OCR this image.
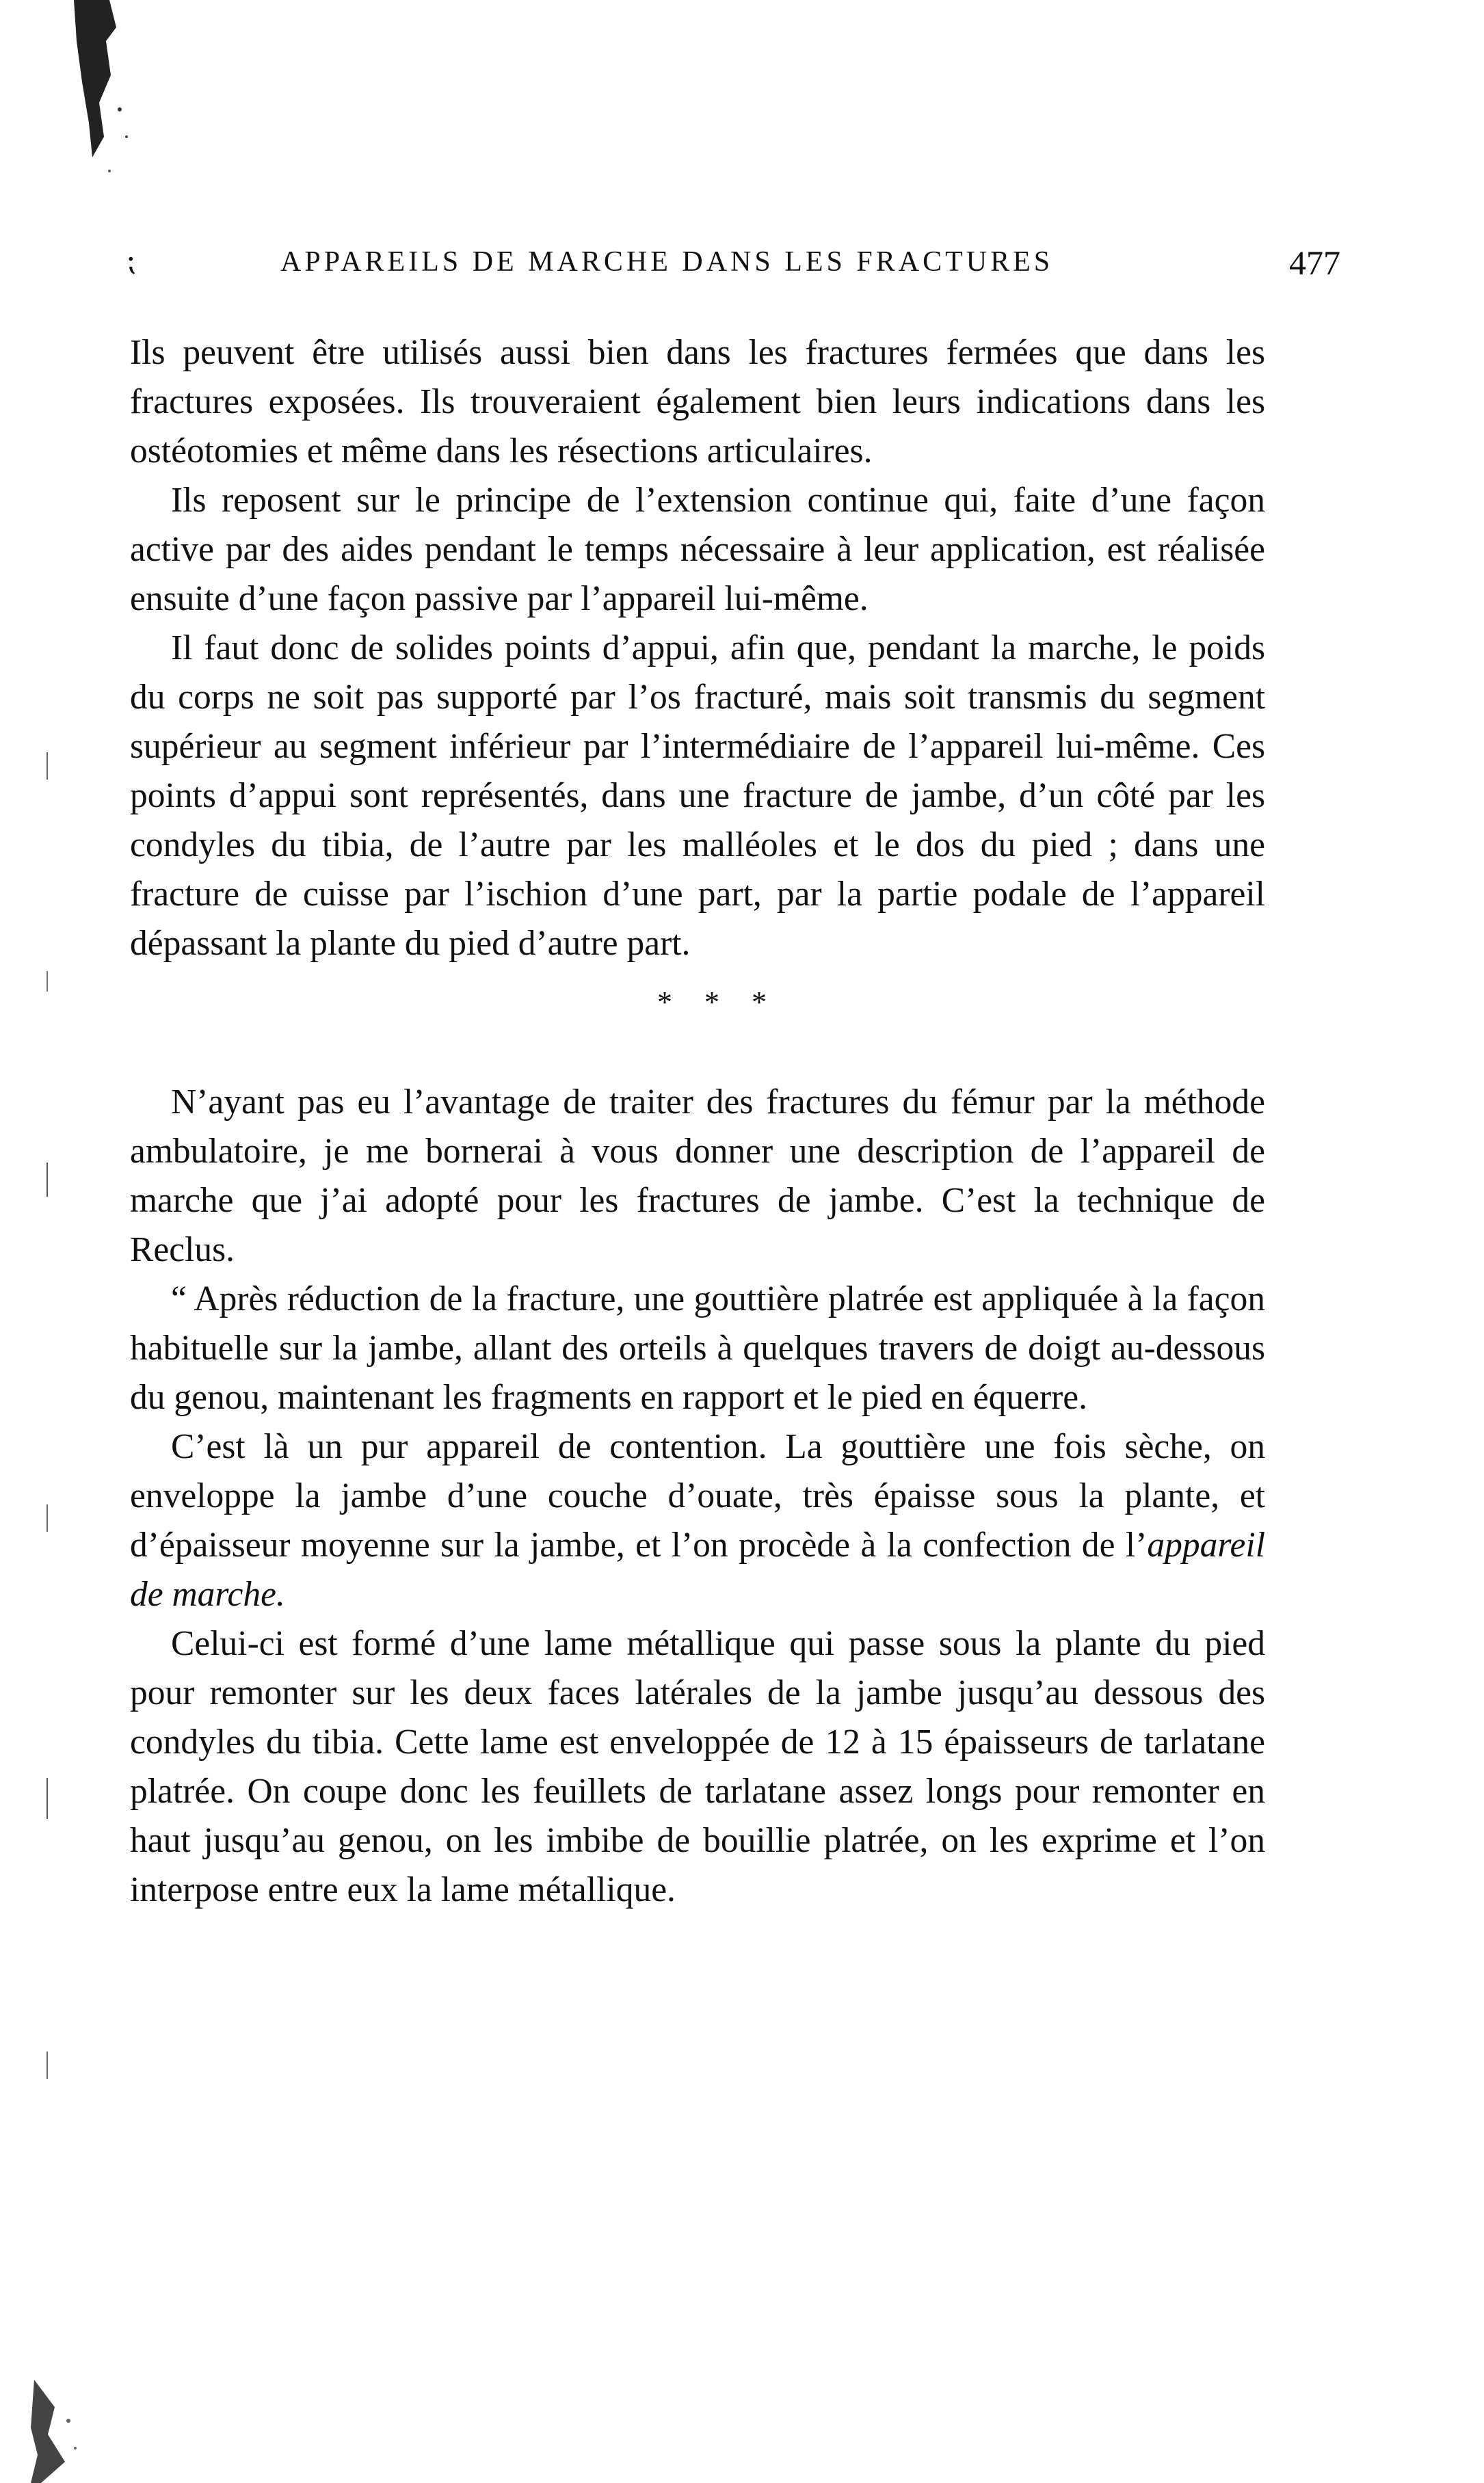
⁏	APPAREILS DE MARCHE DANS LES FRACTURES	477

Ils peuvent être utilisés aussi bien dans les fractures fermées que dans les fractures exposées. Ils trouveraient également bien leurs indications dans les ostéotomies et même dans les résections articulaires.

Ils reposent sur le principe de l’extension continue qui, faite d’une façon active par des aides pendant le temps nécessaire à leur application, est réalisée ensuite d’une façon passive par l’appareil lui-même.

Il faut donc de solides points d’appui, afin que, pendant la marche, le poids du corps ne soit pas supporté par l’os fracturé, mais soit transmis du segment supérieur au segment inférieur par l’intermédiaire de l’appareil lui-même. Ces points d’appui sont représentés, dans une fracture de jambe, d’un côté par les condyles du tibia, de l’autre par les malléoles et le dos du pied ; dans une fracture de cuisse par l’ischion d’une part, par la partie podale de l’appareil dépassant la plante du pied d’autre part.

* * *

N’ayant pas eu l’avantage de traiter des fractures du fémur par la méthode ambulatoire, je me bornerai à vous donner une description de l’appareil de marche que j’ai adopté pour les fractures de jambe. C’est la technique de Reclus.

“ Après réduction de la fracture, une gouttière platrée est appliquée à la façon habituelle sur la jambe, allant des orteils à quelques travers de doigt au-dessous du genou, maintenant les fragments en rapport et le pied en équerre.

C’est là un pur appareil de contention. La gouttière une fois sèche, on enveloppe la jambe d’une couche d’ouate, très épaisse sous la plante, et d’épaisseur moyenne sur la jambe, et l’on procède à la confection de l’appareil de marche.

Celui-ci est formé d’une lame métallique qui passe sous la plante du pied pour remonter sur les deux faces latérales de la jambe jusqu’au dessous des condyles du tibia. Cette lame est enveloppée de 12 à 15 épaisseurs de tarlatane platrée. On coupe donc les feuillets de tarlatane assez longs pour remonter en haut jusqu’au genou, on les imbibe de bouillie platrée, on les exprime et l’on interpose entre eux la lame métallique.
